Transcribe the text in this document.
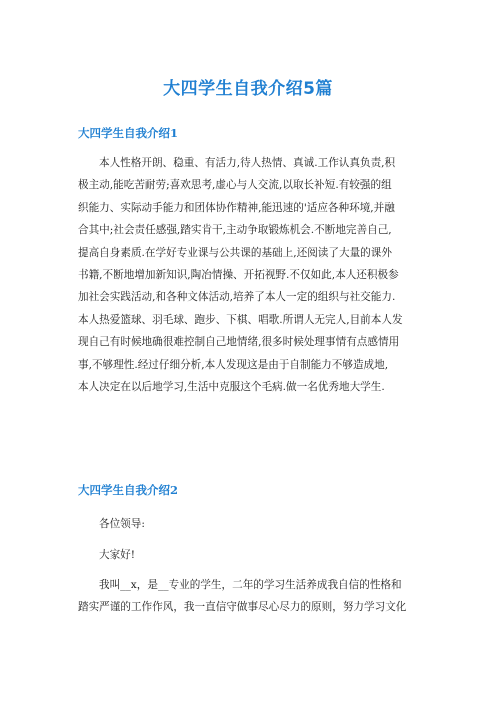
大四学生自我介绍5篇
大四学生自我介绍1
本人性格开朗、稳重、有活力,待人热情、真诚.工作认真负责,积
极主动,能吃苦耐劳;喜欢思考,虚心与人交流,以取长补短.有较强的组
织能力、实际动手能力和团体协作精神,能迅速的'适应各种环境,并融
合其中;社会责任感强,踏实肯干,主动争取锻炼机会.不断地完善自己,
提高自身素质.在学好专业课与公共课的基础上,还阅读了大量的课外
书籍,不断地增加新知识,陶冶情操、开拓视野.不仅如此,本人还积极参
加社会实践活动,和各种文体活动,培养了本人一定的组织与社交能力.
本人热爱篮球、羽毛球、跑步、下棋、唱歌.所谓人无完人,目前本人发
现自己有时候地确很难控制自己地情绪,很多时候处理事情有点感情用
事,不够理性.经过仔细分析,本人发现这是由于自制能力不够造成地,
本人决定在以后地学习,生活中克服这个毛病.做一名优秀地大学生.
大四学生自我介绍2
各位领导:
大家好!
我叫__x，是__专业的学生，二年的学习生活养成我自信的性格和
踏实严谨的工作作风，我一直信守做事尽心尽力的原则，努力学习文化
